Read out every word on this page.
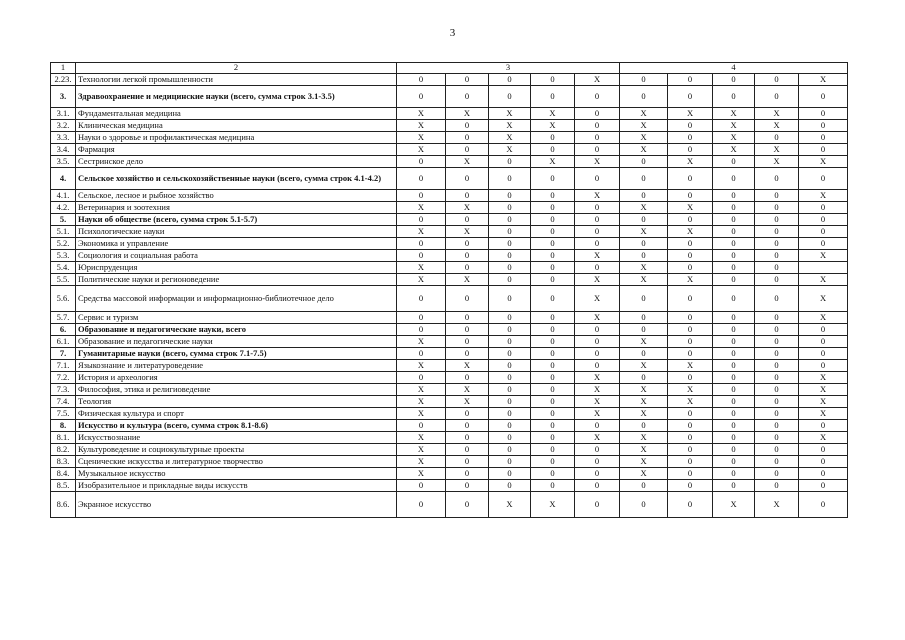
3
1	2	3					4				
2.23.	Технологии легкой промышленности	0	0	0	0	X	0	0	0	0	X
3.	Здравоохранение и медицинские науки (всего, сумма строк 3.1-3.5)	0	0	0	0	0	0	0	0	0	0
3.1.	Фундаментальная медицина	X	X	X	X	0	X	X	X	X	0
3.2.	Клиническая медицина	X	0	X	X	0	X	0	X	X	0
3.3.	Науки о здоровье и профилактическая медицина	X	0	X	0	0	X	0	X	0	0
3.4.	Фармация	X	0	X	0	0	X	0	X	X	0
3.5.	Сестринское дело	0	X	0	X	X	0	X	0	X	X
4.	Сельское хозяйство и сельскохозяйственные науки (всего, сумма строк 4.1-4.2)	0	0	0	0	0	0	0	0	0	0
4.1.	Сельское, лесное и рыбное хозяйство	0	0	0	0	X	0	0	0	0	X
4.2.	Ветеринария и зоотехния	X	X	0	0	0	X	X	0	0	0
5.	Науки об обществе (всего, сумма строк 5.1-5.7)	0	0	0	0	0	0	0	0	0	0
5.1.	Психологические науки	X	X	0	0	0	X	X	0	0	0
5.2.	Экономика и управление	0	0	0	0	0	0	0	0	0	0
5.3.	Социология и социальная работа	0	0	0	0	X	0	0	0	0	X
5.4.	Юриспруденция	X	0	0	0	0	X	0	0	0	
5.5.	Политические науки и регионоведение	X	X	0	0	X	X	X	0	0	X
5.6.	Средства массовой информации и информационно-библиотечное дело	0	0	0	0	X	0	0	0	0	X
5.7.	Сервис и туризм	0	0	0	0	X	0	0	0	0	X
6.	Образование и педагогические науки, всего	0	0	0	0	0	0	0	0	0	0
6.1.	Образование и педагогические науки	X	0	0	0	0	X	0	0	0	0
7.	Гуманитарные науки (всего, сумма строк 7.1-7.5)	0	0	0	0	0	0	0	0	0	0
7.1.	Языкознание и литературоведение	X	X	0	0	0	X	X	0	0	0
7.2.	История и археология	0	0	0	0	X	0	0	0	0	X
7.3.	Философия, этика и религиоведение	X	X	0	0	X	X	X	0	0	X
7.4.	Теология	X	X	0	0	X	X	X	0	0	X
7.5.	Физическая культура и спорт	X	0	0	0	X	X	0	0	0	X
8.	Искусство и культура (всего, сумма строк 8.1-8.6)	0	0	0	0	0	0	0	0	0	0
8.1.	Искусствознание	X	0	0	0	X	X	0	0	0	X
8.2.	Культуроведение и социокультурные проекты	X	0	0	0	0	X	0	0	0	0
8.3.	Сценические искусства и литературное творчество	X	0	0	0	0	X	0	0	0	0
8.4.	Музыкальное искусство	X	0	0	0	0	X	0	0	0	0
8.5.	Изобразительное и прикладные виды искусств	0	0	0	0	0	0	0	0	0	0
8.6.	Экранное искусство	0	0	X	X	0	0	0	X	X	0
